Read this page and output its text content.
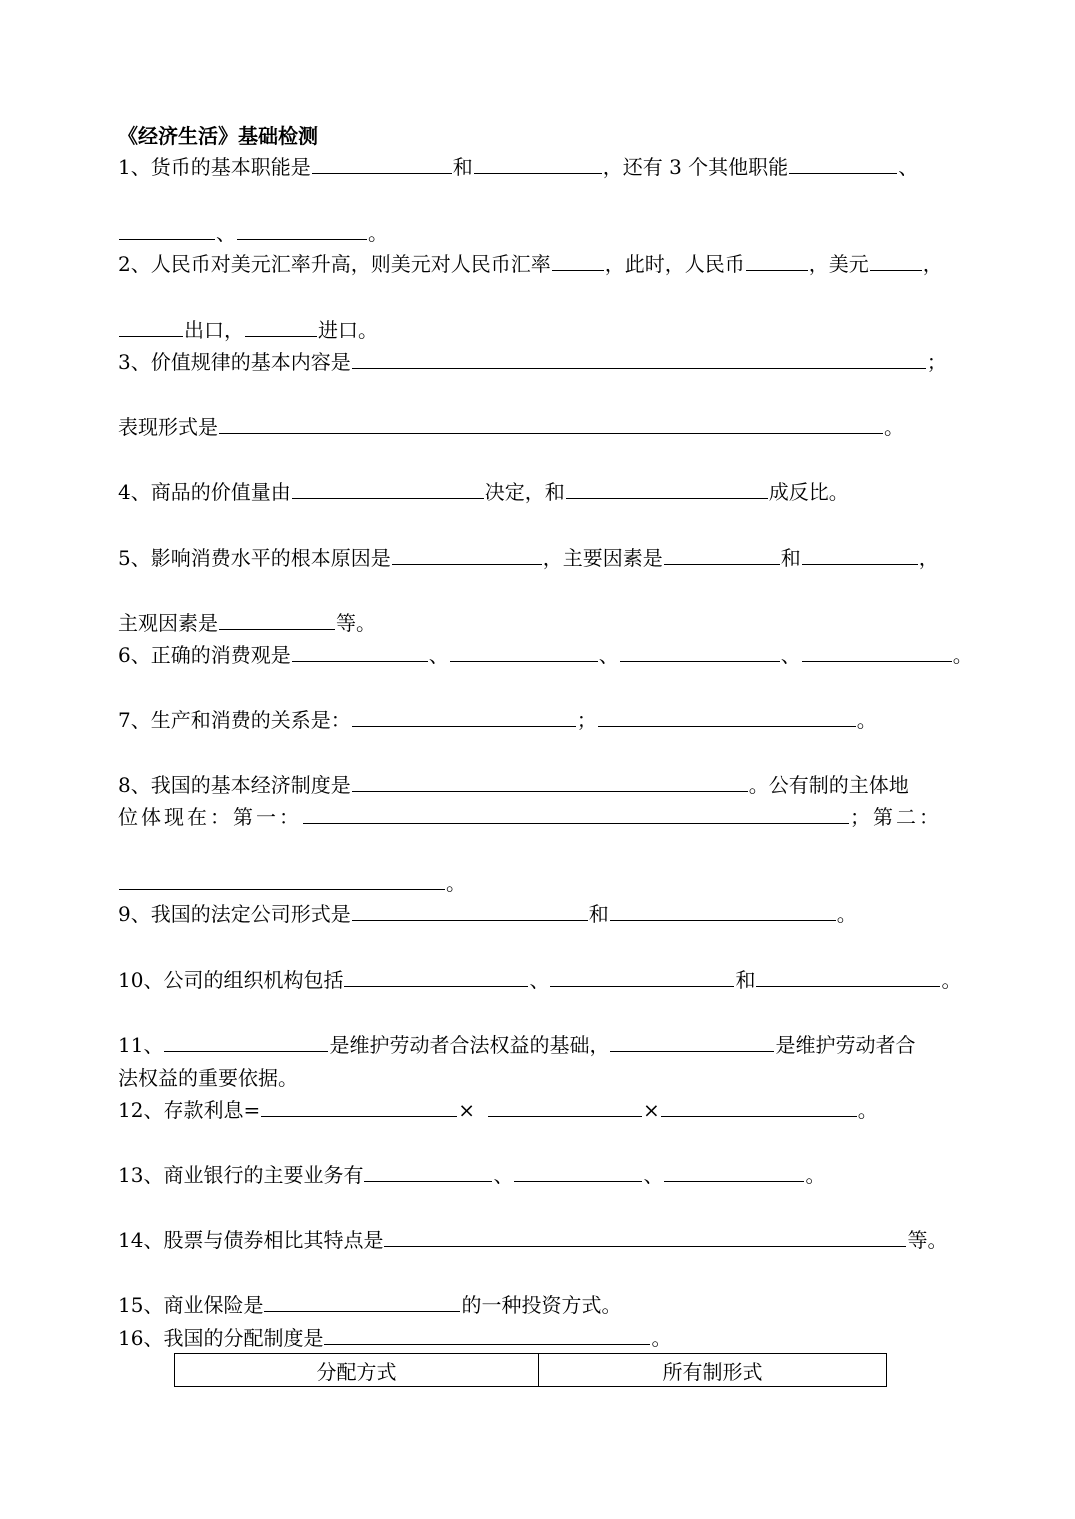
《经济生活》基础检测
1、货币的基本职能是	和	，还有 3 个其他职能	、
、	。
2、人民币对美元汇率升高，则美元对人民币汇率	，此时，人民币	，美元	，
出口，	进口。
3、价值规律的基本内容是	；
表现形式是	。
4、商品的价值量由	决定，和	成反比。
5、影响消费水平的根本原因是	，主要因素是	和	，
主观因素是	等。
6、正确的消费观是	、	、	、	。
7、生产和消费的关系是：	；	。
8、我国的基本经济制度是	。公有制的主体地
位体现在：第一：	；第二：
。
9、我国的法定公司形式是	和	。
10、公司的组织机构包括	、	和	。
11、	是维护劳动者合法权益的基础，	是维护劳动者合
法权益的重要依据。
12、存款利息=	×	×	。
13、商业银行的主要业务有	、	、	。
14、股票与债券相比其特点是	等。
15、商业保险是	的一种投资方式。
16、我国的分配制度是	。
分配方式	所有制形式
